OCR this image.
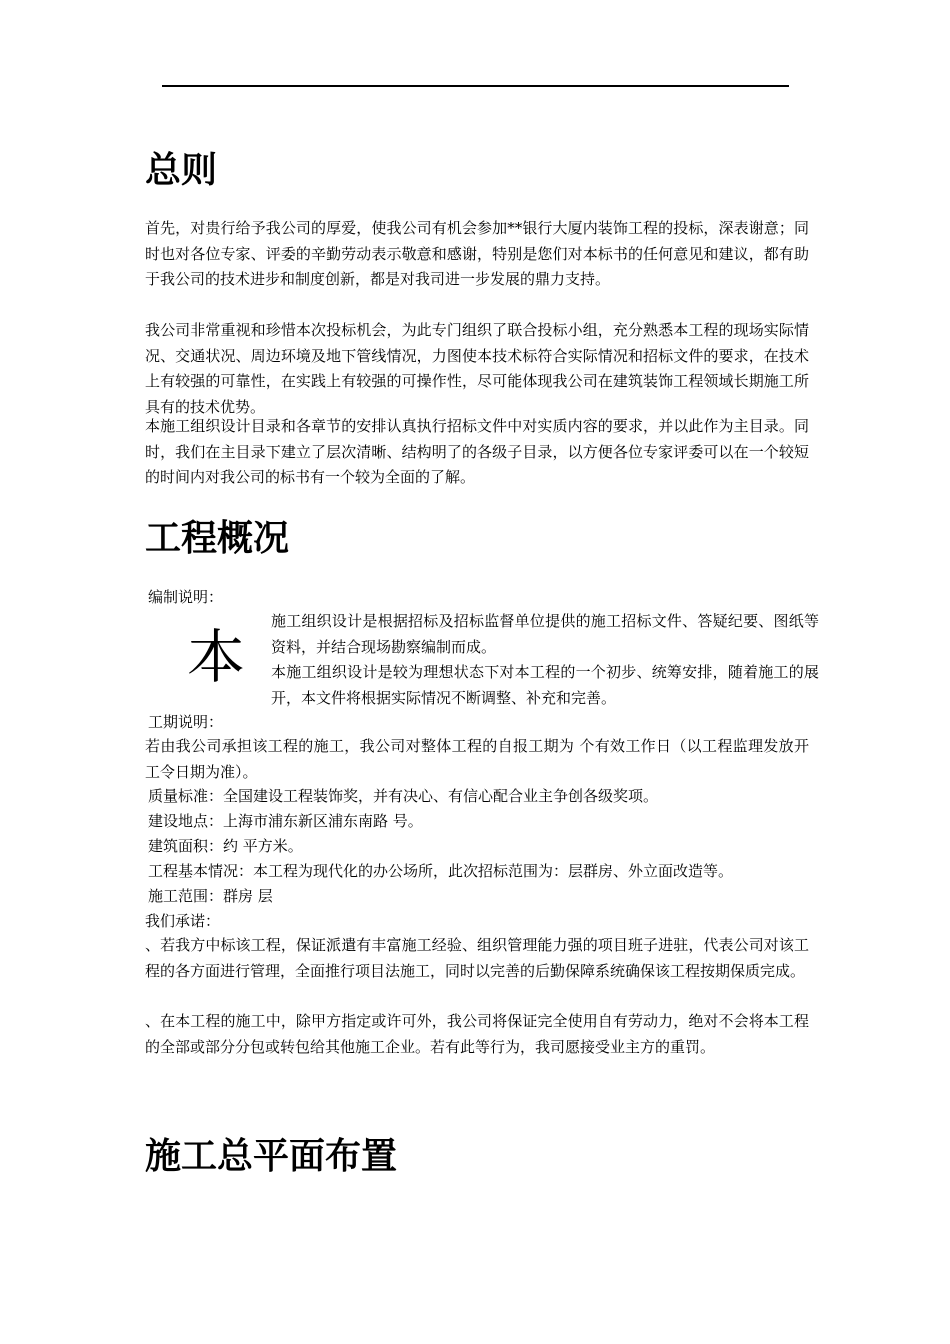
总则

首先，对贵行给予我公司的厚爱，使我公司有机会参加**银行大厦内装饰工程的投标，深表谢意；同时也对各位专家、评委的辛勤劳动表示敬意和感谢，特别是您们对本标书的任何意见和建议，都有助于我公司的技术进步和制度创新，都是对我司进一步发展的鼎力支持。

我公司非常重视和珍惜本次投标机会，为此专门组织了联合投标小组，充分熟悉本工程的现场实际情况、交通状况、周边环境及地下管线情况，力图使本技术标符合实际情况和招标文件的要求，在技术上有较强的可靠性，在实践上有较强的可操作性，尽可能体现我公司在建筑装饰工程领域长期施工所具有的技术优势。

本施工组织设计目录和各章节的安排认真执行招标文件中对实质内容的要求，并以此作为主目录。同时，我们在主目录下建立了层次清晰、结构明了的各级子目录，以方便各位专家评委可以在一个较短的时间内对我公司的标书有一个较为全面的了解。

工程概况

编制说明：

本

施工组织设计是根据招标及招标监督单位提供的施工招标文件、答疑纪要、图纸等资料，并结合现场勘察编制而成。

本施工组织设计是较为理想状态下对本工程的一个初步、统筹安排，随着施工的展开，本文件将根据实际情况不断调整、补充和完善。

工期说明：

若由我公司承担该工程的施工，我公司对整体工程的自报工期为 个有效工作日（以工程监理发放开工令日期为准）。

质量标准：全国建设工程装饰奖，并有决心、有信心配合业主争创各级奖项。

建设地点：上海市浦东新区浦东南路 号。

建筑面积：约 平方米。

工程基本情况：本工程为现代化的办公场所，此次招标范围为：层群房、外立面改造等。

施工范围：群房 层

我们承诺：

、若我方中标该工程，保证派遣有丰富施工经验、组织管理能力强的项目班子进驻，代表公司对该工程的各方面进行管理，全面推行项目法施工，同时以完善的后勤保障系统确保该工程按期保质完成。

、在本工程的施工中，除甲方指定或许可外，我公司将保证完全使用自有劳动力，绝对不会将本工程的全部或部分分包或转包给其他施工企业。若有此等行为，我司愿接受业主方的重罚。

施工总平面布置
